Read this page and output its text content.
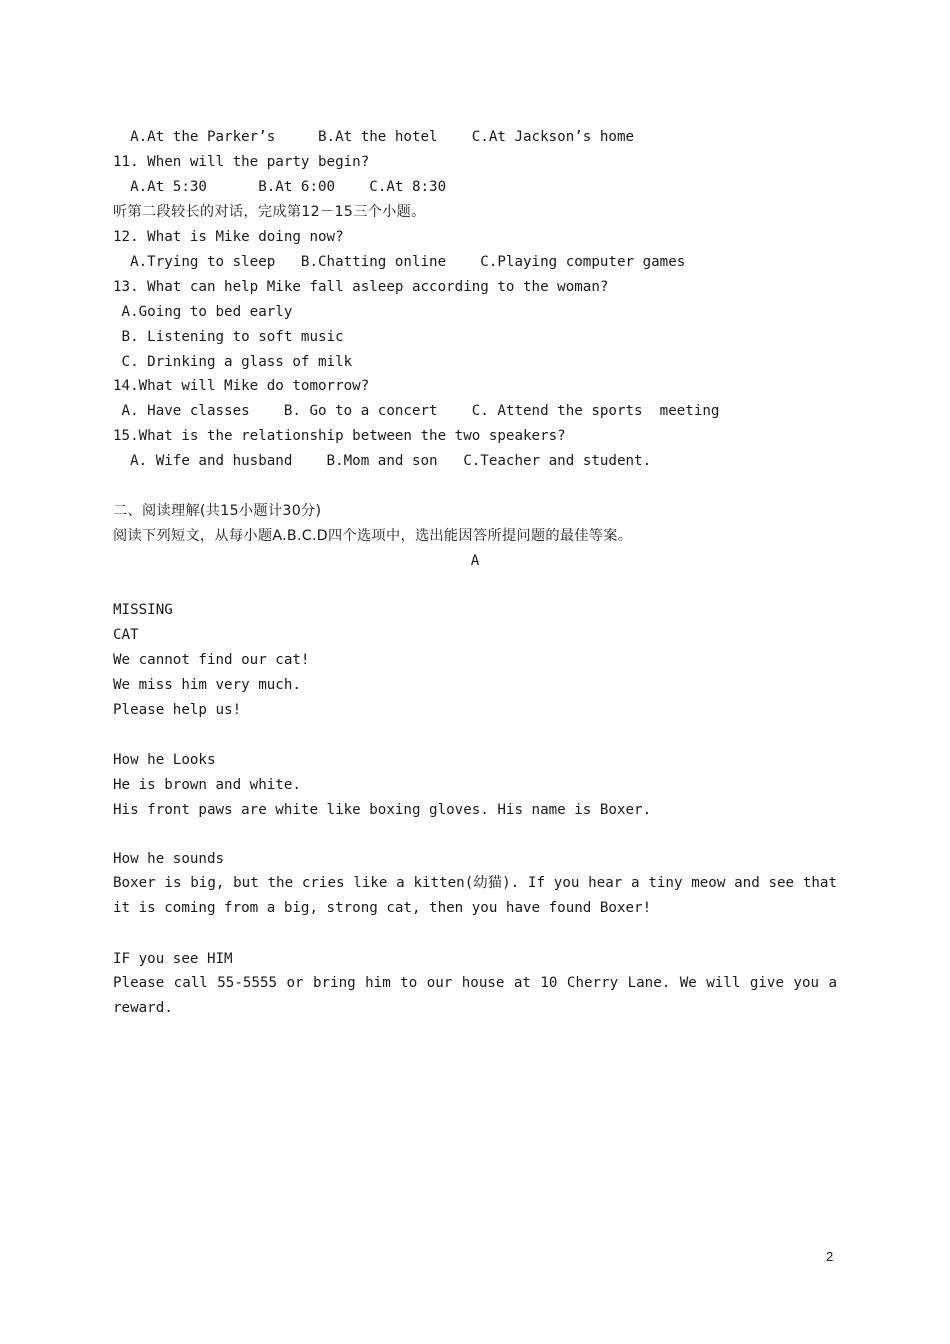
A.At the Parker’s     B.At the hotel    C.At Jackson’s home

11. When will the party begin?

A.At 5:30      B.At 6:00    C.At 8:30

听第二段较长的对话，完成第12－15三个小题。

12. What is Mike doing now?

A.Trying to sleep   B.Chatting online    C.Playing computer games

13. What can help Mike fall asleep according to the woman?

A.Going to bed early

B. Listening to soft music

C. Drinking a glass of milk

14.What will Mike do tomorrow?

A. Have classes    B. Go to a concert    C. Attend the sports  meeting

15.What is the relationship between the two speakers?

A. Wife and husband    B.Mom and son   C.Teacher and student.

二、阅读理解(共15小题计30分)

阅读下列短文，从每小题A.B.C.D四个选项中，选出能因答所提问题的最佳等案。

A

MISSING

CAT

We cannot find our cat!

We miss him very much.

Please help us!

How he Looks

He is brown and white.

His front paws are white like boxing gloves. His name is Boxer.

How he sounds

Boxer is big, but the cries like a kitten(幼猫). If you hear a tiny meow and see that it is coming from a big, strong cat, then you have found Boxer!

IF you see HIM

Please call 55-5555 or bring him to our house at 10 Cherry Lane. We will give you a reward.

2
